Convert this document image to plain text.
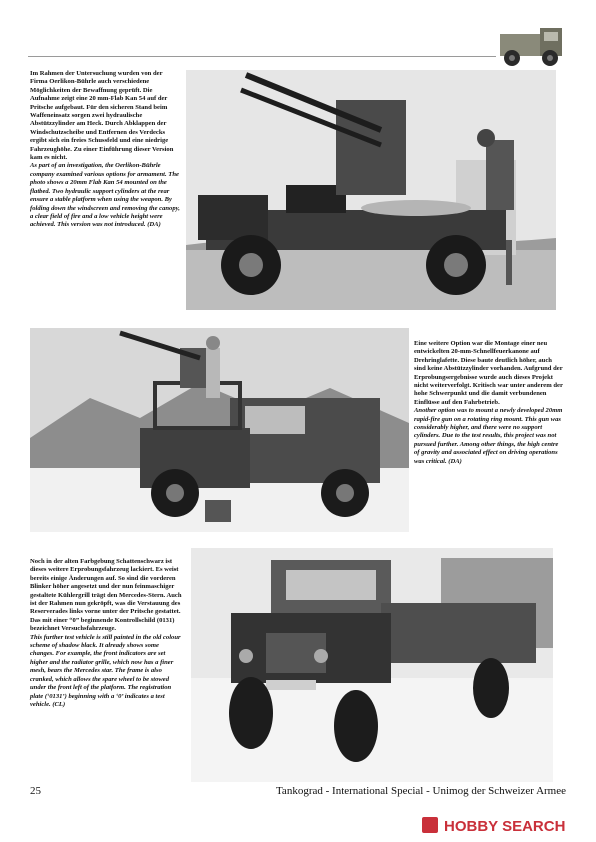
Im Rahmen der Untersuchung wurden von der Firma Oerlikon-Bührle auch verschiedene Möglichkeiten der Bewaffnung geprüft. Die Aufnahme zeigt eine 20 mm-Flab Kan 54 auf der Pritsche aufgebaut. Für den sicheren Stand beim Waffeneinsatz sorgen zwei hydraulische Abstützzylinder am Heck. Durch Abklappen der Windschutzscheibe und Entfernen des Verdecks ergibt sich ein freies Schussfeld und eine niedrige Fahrzeughöhe. Zu einer Einführung dieser Version kam es nicht.

As part of an investigation, the Oerlikon-Bührle company examined various options for armament. The photo shows a 20mm Flab Kan 54 mounted on the flatbed. Two hydraulic support cylinders at the rear ensure a stable platform when using the weapon. By folding down the windscreen and removing the canopy, a clear field of fire and a low vehicle height were achieved. This version was not introduced. (DA)

Eine weitere Option war die Montage einer neu entwickelten 20-mm-Schnellfeuerkanone auf Drehringlafette. Diese baute deutlich höher, auch sind keine Abstützzylinder vorhanden. Aufgrund der Erprobungsergebnisse wurde auch dieses Projekt nicht weiterverfolgt. Kritisch war unter anderem der hohe Schwerpunkt und die damit verbundenen Einflüsse auf den Fahrbetrieb.

Another option was to mount a newly developed 20mm rapid-fire gun on a rotating ring mount. This gun was considerably higher, and there were no support cylinders. Due to the test results, this project was not pursued further. Among other things, the high centre of gravity and associated effect on driving operations was critical. (DA)

Noch in der alten Farbgebung Schattenschwarz ist dieses weitere Erprobungsfahrzeug lackiert. Es weist bereits einige Änderungen auf. So sind die vorderen Blinker höher angesetzt und der nun feinmaschiger gestaltete Kühlergrill trägt den Mercedes-Stern. Auch ist der Rahmen nun gekröpft, was die Verstauung des Reserverades links vorne unter der Pritsche gestattet. Das mit einer “0” beginnende Kontrollschild (0131) bezeichnet Versuchsfahrzeuge.

This further test vehicle is still painted in the old colour scheme of shadow black. It already shows some changes. For example, the front indicators are set higher and the radiator grille, which now has a finer mesh, bears the Mercedes star. The frame is also cranked, which allows the spare wheel to be stowed under the front left of the platform. The registration plate (‘0131’) beginning with a ‘0’ indicates a test vehicle. (CL)

25	Tankograd - International Special - Unimog der Schweizer Armee
HOBBY SEARCH
